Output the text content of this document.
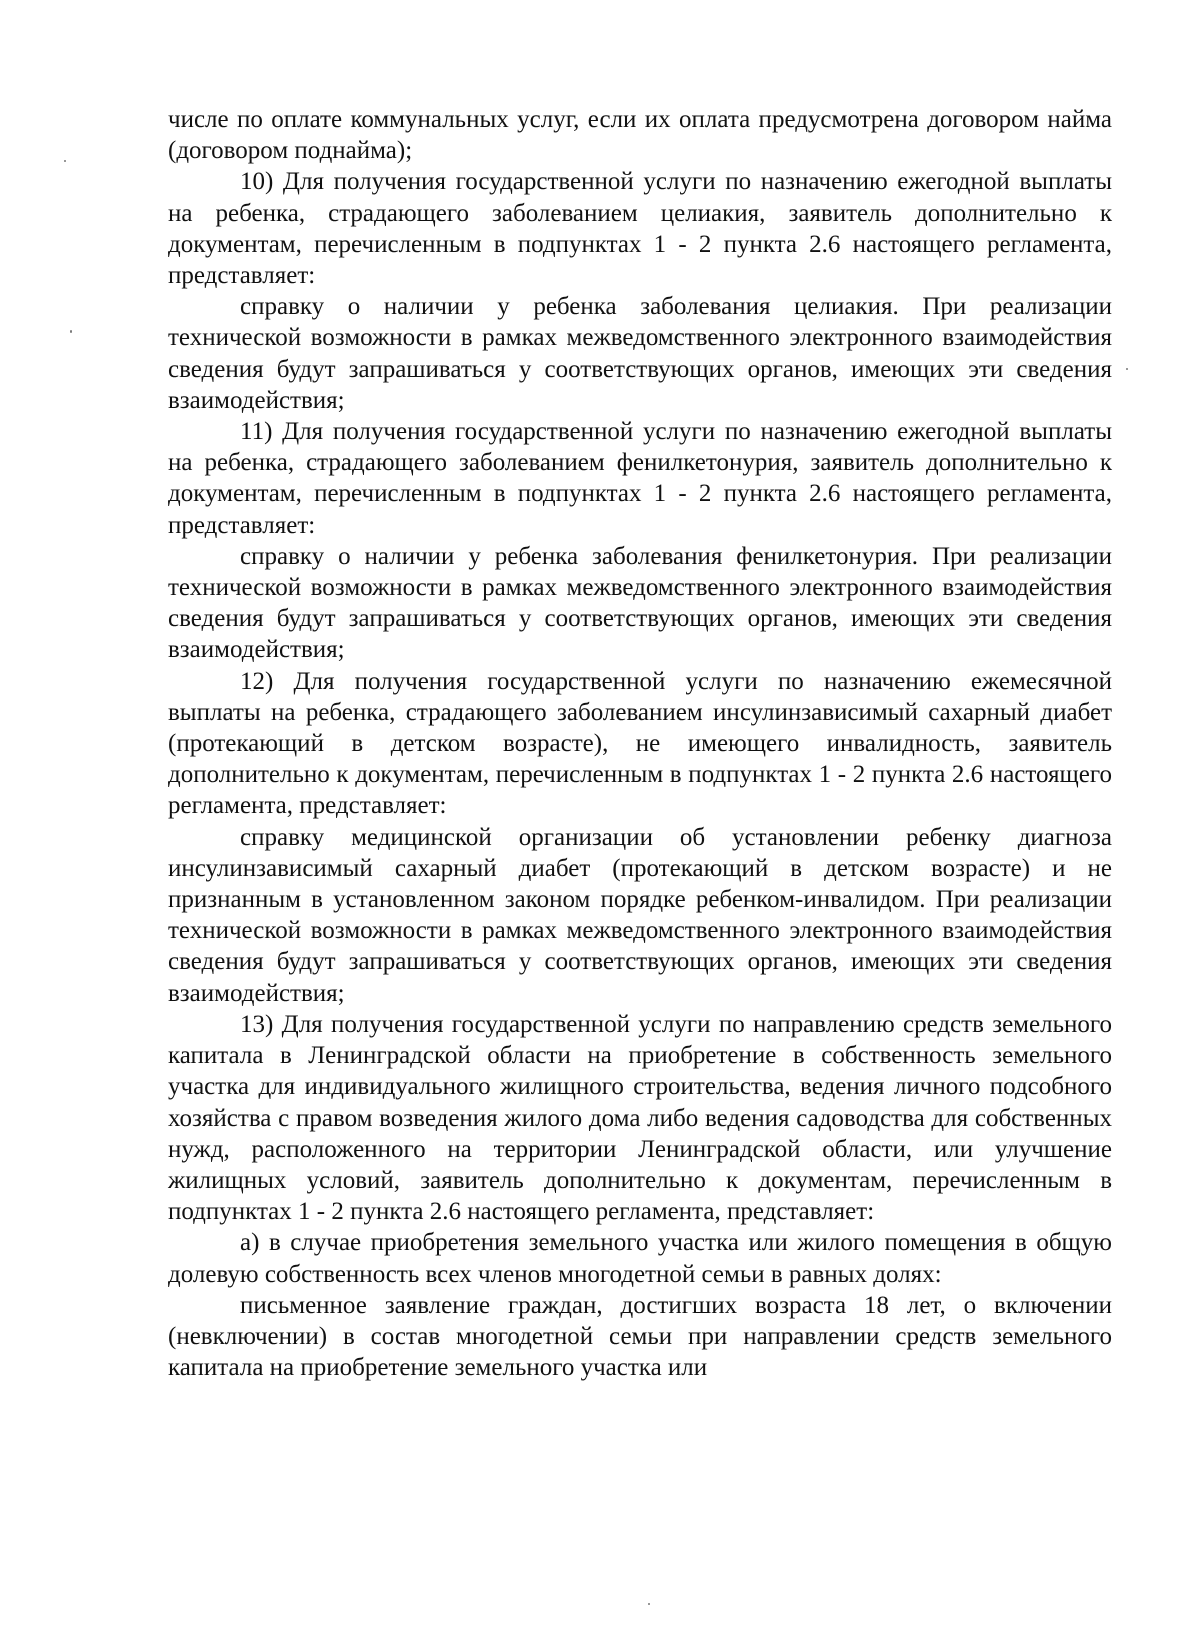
числе по оплате коммунальных услуг, если их оплата предусмотрена договором найма (договором поднайма);

10) Для получения государственной услуги по назначению ежегодной выплаты на ребенка, страдающего заболеванием целиакия, заявитель дополнительно к документам, перечисленным в подпунктах 1 - 2 пункта 2.6 настоящего регламента, представляет:

справку о наличии у ребенка заболевания целиакия. При реализации технической возможности в рамках межведомственного электронного взаимодействия сведения будут запрашиваться у соответствующих органов, имеющих эти сведения взаимодействия;

11) Для получения государственной услуги по назначению ежегодной выплаты на ребенка, страдающего заболеванием фенилкетонурия, заявитель дополнительно к документам, перечисленным в подпунктах 1 - 2 пункта 2.6 настоящего регламента, представляет:

справку о наличии у ребенка заболевания фенилкетонурия. При реализации технической возможности в рамках межведомственного электронного взаимодействия сведения будут запрашиваться у соответствующих органов, имеющих эти сведения взаимодействия;

12) Для получения государственной услуги по назначению ежемесячной выплаты на ребенка, страдающего заболеванием инсулинзависимый сахарный диабет (протекающий в детском возрасте), не имеющего инвалидность, заявитель дополнительно к документам, перечисленным в подпунктах 1 - 2 пункта 2.6 настоящего регламента, представляет:

справку медицинской организации об установлении ребенку диагноза инсулинзависимый сахарный диабет (протекающий в детском возрасте) и не признанным в установленном законом порядке ребенком-инвалидом. При реализации технической возможности в рамках межведомственного электронного взаимодействия сведения будут запрашиваться у соответствующих органов, имеющих эти сведения взаимодействия;

13) Для получения государственной услуги по направлению средств земельного капитала в Ленинградской области на приобретение в собственность земельного участка для индивидуального жилищного строительства, ведения личного подсобного хозяйства с правом возведения жилого дома либо ведения садоводства для собственных нужд, расположенного на территории Ленинградской области, или улучшение жилищных условий, заявитель дополнительно к документам, перечисленным в подпунктах 1 - 2 пункта 2.6 настоящего регламента, представляет:

а) в случае приобретения земельного участка или жилого помещения в общую долевую собственность всех членов многодетной семьи в равных долях:

письменное заявление граждан, достигших возраста 18 лет, о включении (невключении) в состав многодетной семьи при направлении средств земельного капитала на приобретение земельного участка или
